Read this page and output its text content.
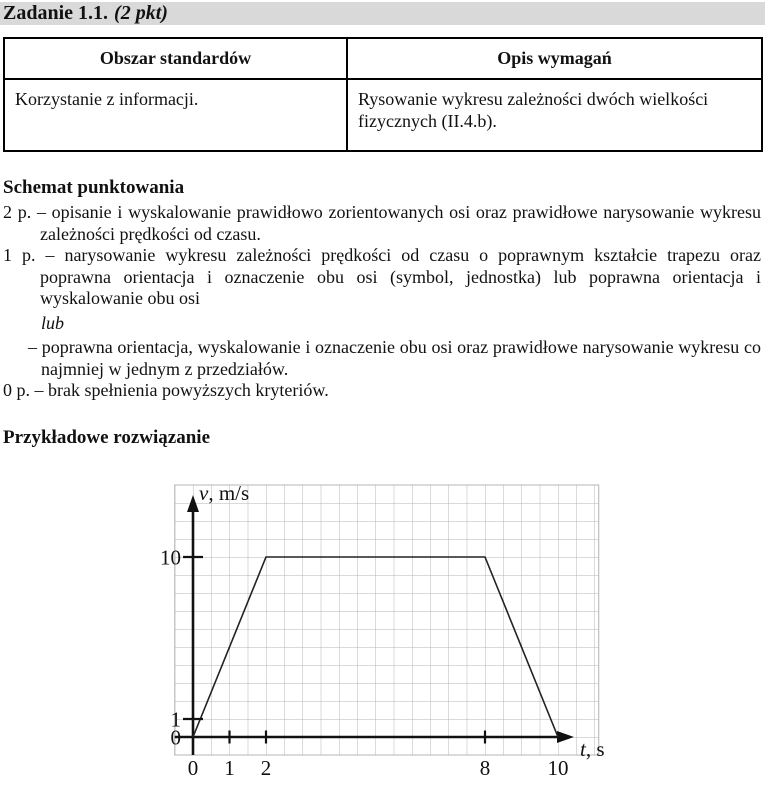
Zadanie 1.1. (2 pkt)
Obszar standardów	Opis wymagań
Korzystanie z informacji.	Rysowanie wykresu zależności dwóch wielkości fizycznych (II.4.b).
Schemat punktowania
2 p. – opisanie i wyskalowanie prawidłowo zorientowanych osi oraz prawidłowe narysowanie wykresu zależności prędkości od czasu.
1 p. – narysowanie wykresu zależności prędkości od czasu o poprawnym kształcie trapezu oraz poprawna orientacja i oznaczenie obu osi (symbol, jednostka) lub poprawna orientacja i wyskalowanie obu osi
lub
– poprawna orientacja, wyskalowanie i oznaczenie obu osi oraz prawidłowe narysowanie wykresu co najmniej w jednym z przedziałów.
0 p. – brak spełnienia powyższych kryteriów.
Przykładowe rozwiązanie
0 1 2	8	10
0
1
10
v, m/s
t, s
